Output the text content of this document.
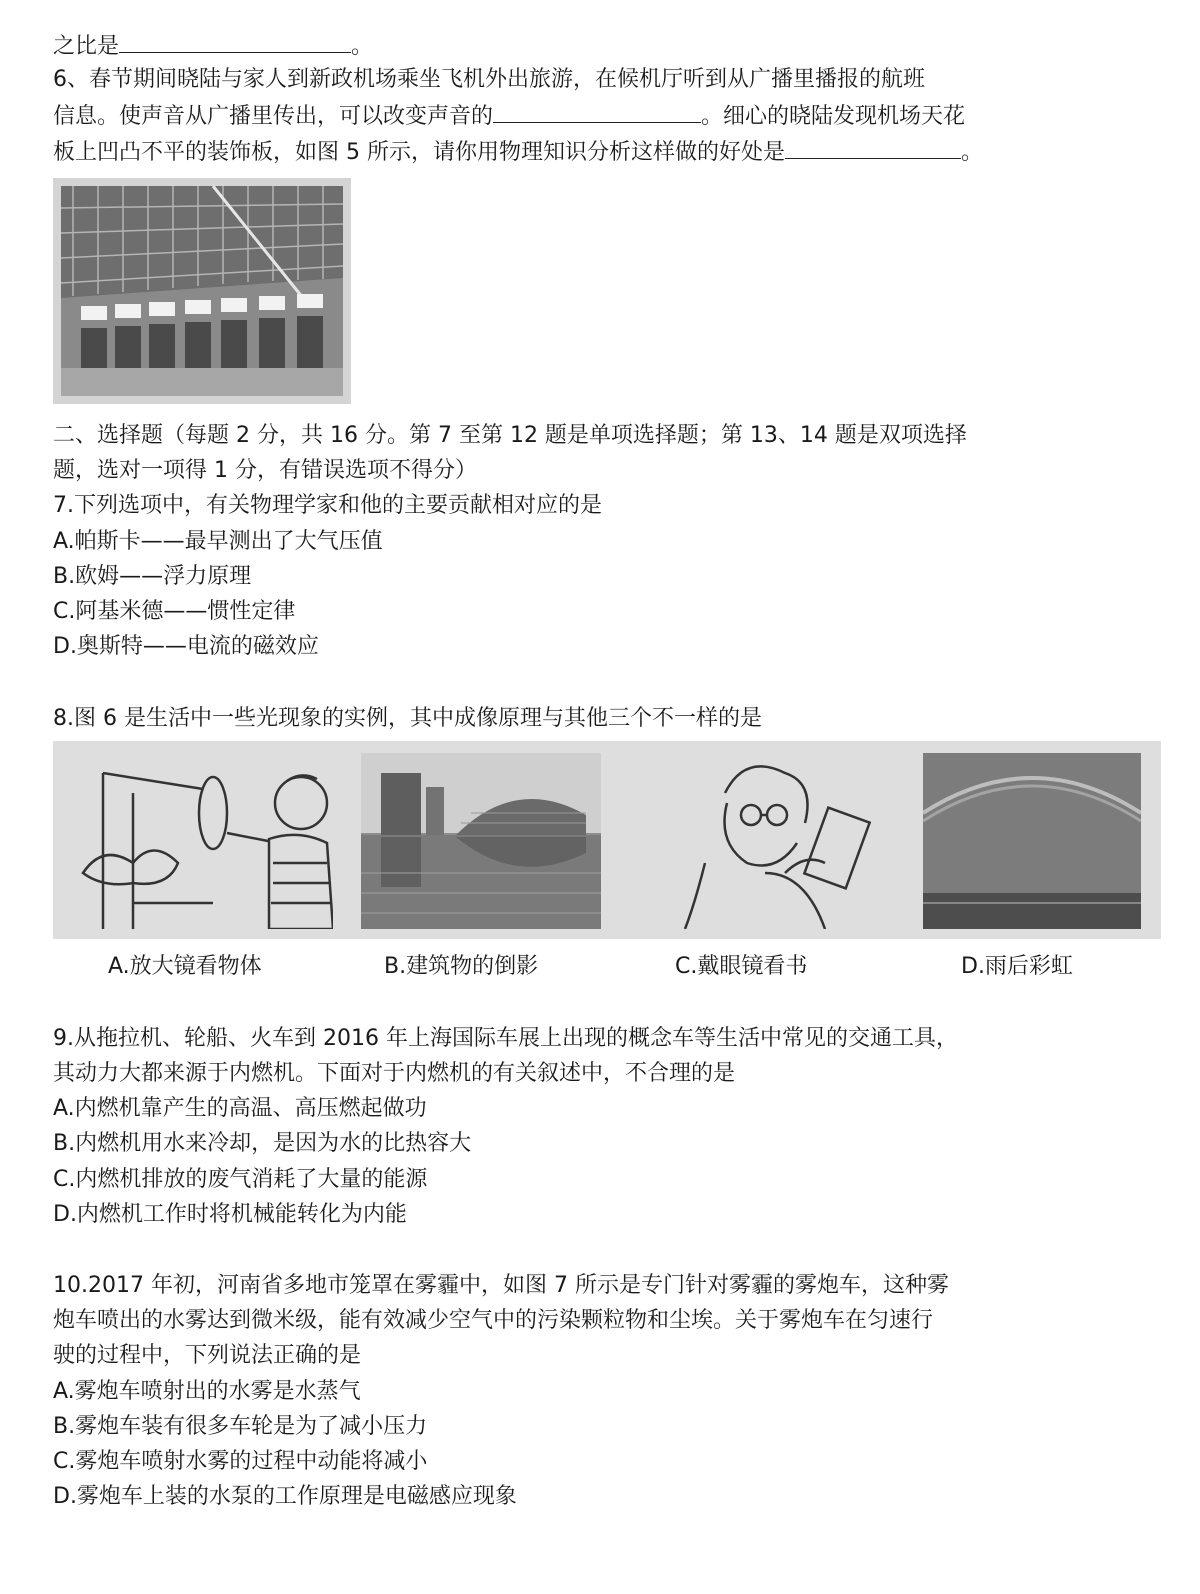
之比是	。
6、春节期间晓陆与家人到新政机场乘坐飞机外出旅游，在候机厅听到从广播里播报的航班
信息。使声音从广播里传出，可以改变声音的	。细心的晓陆发现机场天花
板上凹凸不平的装饰板，如图 5 所示，请你用物理知识分析这样做的好处是	。
二、选择题（每题 2 分，共 16 分。第 7 至第 12 题是单项选择题；第 13、14 题是双项选择
题，选对一项得 1 分，有错误选项不得分）
7.下列选项中，有关物理学家和他的主要贡献相对应的是
A.帕斯卡——最早测出了大气压值
B.欧姆——浮力原理
C.阿基米德——惯性定律
D.奥斯特——电流的磁效应
8.图 6 是生活中一些光现象的实例，其中成像原理与其他三个不一样的是
A.放大镜看物体	B.建筑物的倒影	C.戴眼镜看书	D.雨后彩虹
9.从拖拉机、轮船、火车到 2016 年上海国际车展上出现的概念车等生活中常见的交通工具，
其动力大都来源于内燃机。下面对于内燃机的有关叙述中，不合理的是
A.内燃机靠产生的高温、高压燃起做功
B.内燃机用水来冷却，是因为水的比热容大
C.内燃机排放的废气消耗了大量的能源
D.内燃机工作时将机械能转化为内能
10.2017 年初，河南省多地市笼罩在雾霾中，如图 7 所示是专门针对雾霾的雾炮车，这种雾
炮车喷出的水雾达到微米级，能有效减少空气中的污染颗粒物和尘埃。关于雾炮车在匀速行
驶的过程中，下列说法正确的是
A.雾炮车喷射出的水雾是水蒸气
B.雾炮车装有很多车轮是为了减小压力
C.雾炮车喷射水雾的过程中动能将减小
D.雾炮车上装的水泵的工作原理是电磁感应现象
